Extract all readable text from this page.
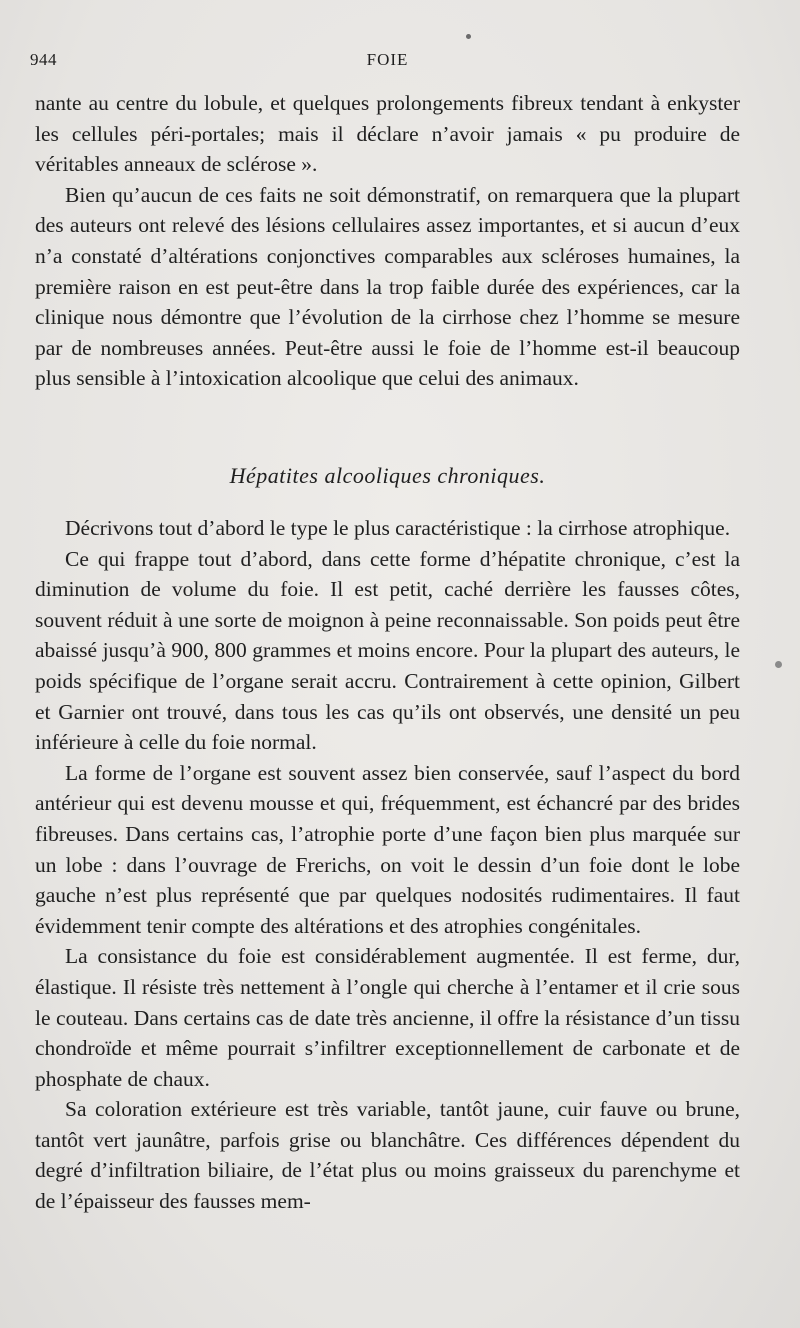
944	FOIE

nante au centre du lobule, et quelques prolongements fibreux tendant à enkyster les cellules péri-portales; mais il déclare n’avoir jamais « pu produire de véritables anneaux de sclérose ».

Bien qu’aucun de ces faits ne soit démonstratif, on remarquera que la plupart des auteurs ont relevé des lésions cellulaires assez importantes, et si aucun d’eux n’a constaté d’altérations conjonctives comparables aux scléroses humaines, la première raison en est peut-être dans la trop faible durée des expériences, car la clinique nous démontre que l’évolution de la cirrhose chez l’homme se mesure par de nombreuses années. Peut-être aussi le foie de l’homme est-il beaucoup plus sensible à l’intoxication alcoolique que celui des animaux.

Hépatites alcooliques chroniques.

Décrivons tout d’abord le type le plus caractéristique : la cirrhose atrophique.

Ce qui frappe tout d’abord, dans cette forme d’hépatite chronique, c’est la diminution de volume du foie. Il est petit, caché derrière les fausses côtes, souvent réduit à une sorte de moignon à peine reconnaissable. Son poids peut être abaissé jusqu’à 900, 800 grammes et moins encore. Pour la plupart des auteurs, le poids spécifique de l’organe serait accru. Contrairement à cette opinion, Gilbert et Garnier ont trouvé, dans tous les cas qu’ils ont observés, une densité un peu inférieure à celle du foie normal.

La forme de l’organe est souvent assez bien conservée, sauf l’aspect du bord antérieur qui est devenu mousse et qui, fréquemment, est échancré par des brides fibreuses. Dans certains cas, l’atrophie porte d’une façon bien plus marquée sur un lobe : dans l’ouvrage de Frerichs, on voit le dessin d’un foie dont le lobe gauche n’est plus représenté que par quelques nodosités rudimentaires. Il faut évidemment tenir compte des altérations et des atrophies congénitales.

La consistance du foie est considérablement augmentée. Il est ferme, dur, élastique. Il résiste très nettement à l’ongle qui cherche à l’entamer et il crie sous le couteau. Dans certains cas de date très ancienne, il offre la résistance d’un tissu chondroïde et même pourrait s’infiltrer exceptionnellement de carbonate et de phosphate de chaux.

Sa coloration extérieure est très variable, tantôt jaune, cuir fauve ou brune, tantôt vert jaunâtre, parfois grise ou blanchâtre. Ces différences dépendent du degré d’infiltration biliaire, de l’état plus ou moins graisseux du parenchyme et de l’épaisseur des fausses mem-
